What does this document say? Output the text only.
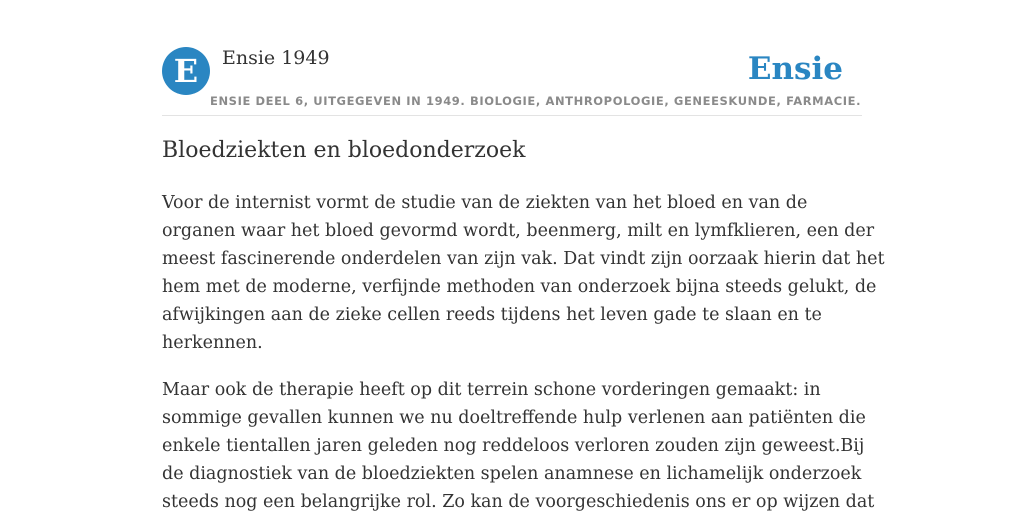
E	Ensie 1949	Ensie
ENSIE DEEL 6, UITGEGEVEN IN 1949. BIOLOGIE, ANTHROPOLOGIE, GENEESKUNDE, FARMACIE.
Bloedziekten en bloedonderzoek

Voor de internist vormt de studie van de ziekten van het bloed en van de
organen waar het bloed gevormd wordt, beenmerg, milt en lymfklieren, een der
meest fascinerende onderdelen van zijn vak. Dat vindt zijn oorzaak hierin dat het
hem met de moderne, verfijnde methoden van onderzoek bijna steeds gelukt, de
afwijkingen aan de zieke cellen reeds tijdens het leven gade te slaan en te
herkennen.

Maar ook de therapie heeft op dit terrein schone vorderingen gemaakt: in
sommige gevallen kunnen we nu doeltreffende hulp verlenen aan patiënten die
enkele tientallen jaren geleden nog reddeloos verloren zouden zijn geweest.Bij
de diagnostiek van de bloedziekten spelen anamnese en lichamelijk onderzoek
steeds nog een belangrijke rol. Zo kan de voorgeschiedenis ons er op wijzen dat
